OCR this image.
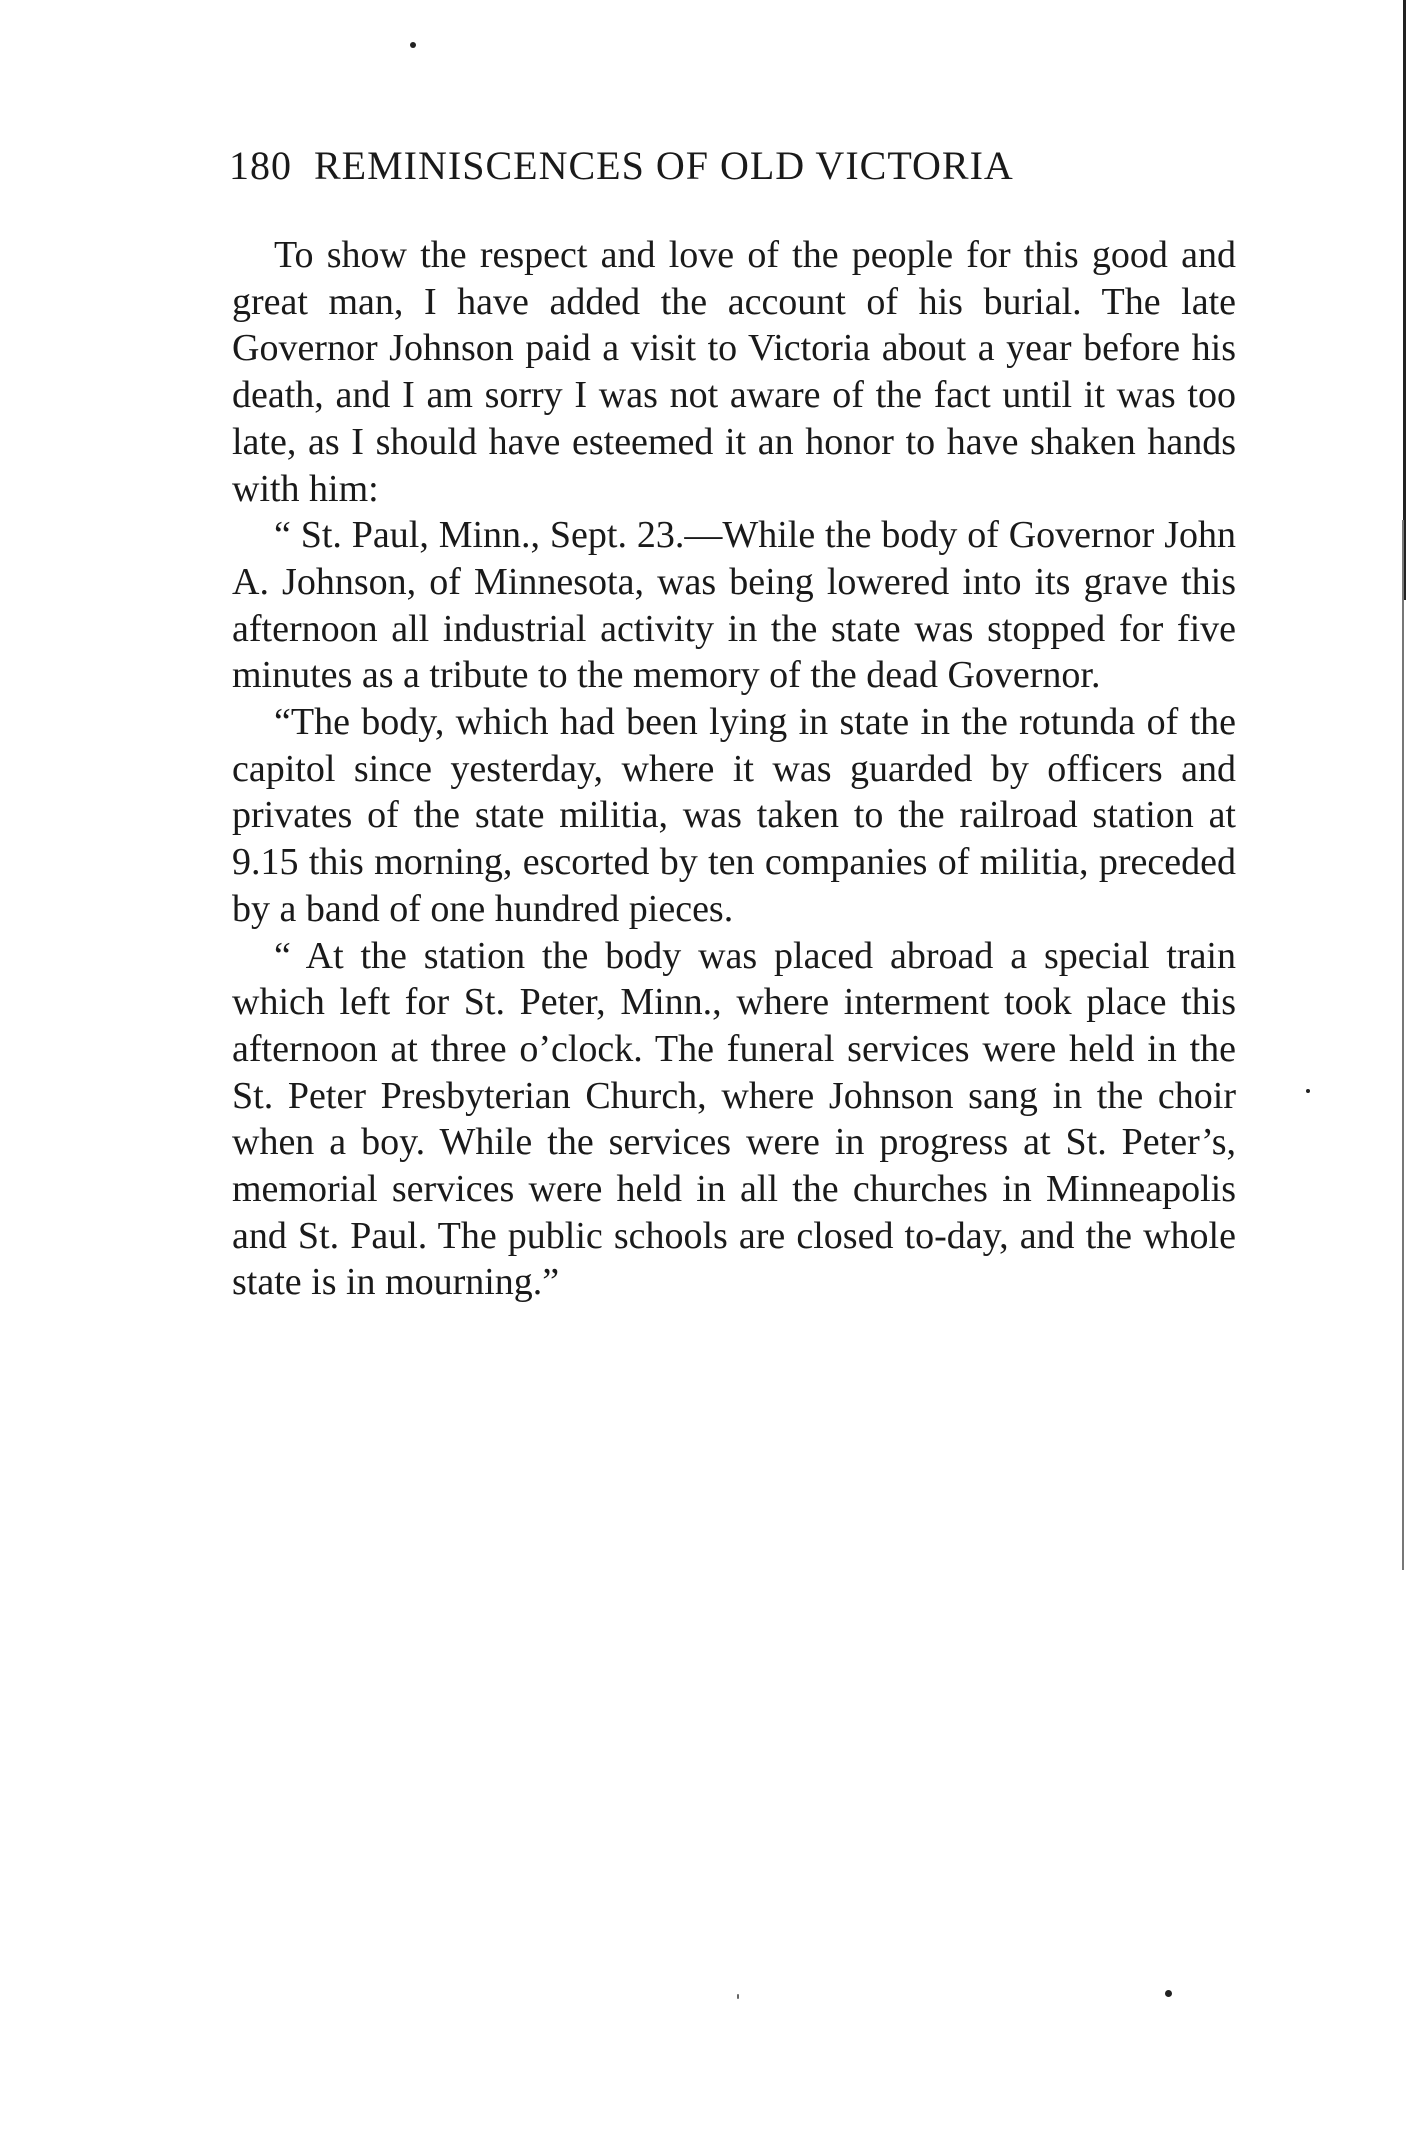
180 REMINISCENCES OF OLD VICTORIA

To show the respect and love of the people for this good and great man, I have added the account of his burial. The late Governor Johnson paid a visit to Victoria about a year before his death, and I am sorry I was not aware of the fact until it was too late, as I should have esteemed it an honor to have shaken hands with him:

“ St. Paul, Minn., Sept. 23.—While the body of Governor John A. Johnson, of Minnesota, was being lowered into its grave this afternoon all industrial activity in the state was stopped for five minutes as a tribute to the memory of the dead Governor.

“The body, which had been lying in state in the rotunda of the capitol since yesterday, where it was guarded by officers and privates of the state militia, was taken to the railroad station at 9.15 this morning, escorted by ten companies of militia, preceded by a band of one hundred pieces.

“ At the station the body was placed abroad a special train which left for St. Peter, Minn., where interment took place this afternoon at three o’clock. The funeral services were held in the St. Peter Presbyterian Church, where Johnson sang in the choir when a boy. While the services were in progress at St. Peter’s, memorial services were held in all the churches in Minneapolis and St. Paul. The public schools are closed to-day, and the whole state is in mourning.”
